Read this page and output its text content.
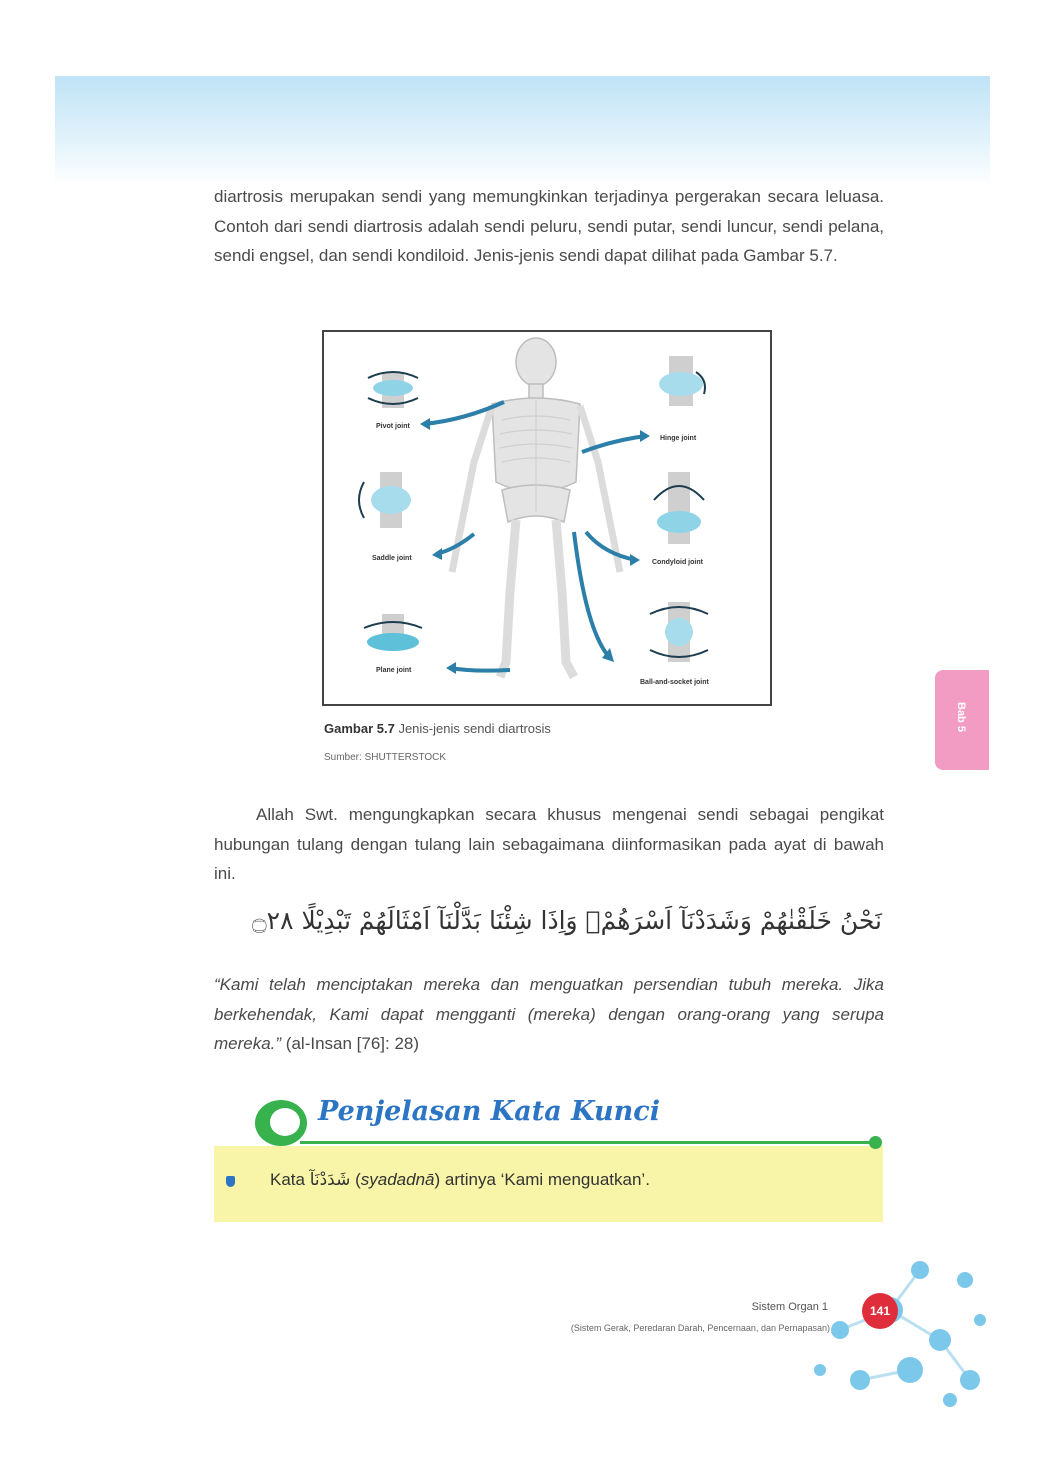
diartrosis merupakan sendi yang memungkinkan terjadinya pergerakan secara leluasa. Contoh dari sendi diartrosis adalah sendi peluru, sendi putar, sendi luncur, sendi pelana, sendi engsel, dan sendi kondiloid. Jenis-jenis sendi dapat dilihat pada Gambar 5.7.

Pivot joint
Hinge joint
Saddle joint
Condyloid joint
Plane joint
Ball-and-socket joint
Gambar 5.7 Jenis-jenis sendi diartrosis
Sumber: SHUTTERSTOCK
Bab 5

Allah Swt. mengungkapkan secara khusus mengenai sendi sebagai pengikat hubungan tulang dengan tulang lain sebagaimana diinformasikan pada ayat di bawah ini.

نَحْنُ خَلَقْنٰهُمْ وَشَدَدْنَآ اَسْرَهُمْۚ وَاِذَا شِئْنَا بَدَّلْنَآ اَمْثَالَهُمْ تَبْدِيْلًا ۝٢٨

“Kami telah menciptakan mereka dan menguatkan persendian tubuh mereka. Jika berkehendak, Kami dapat mengganti (mereka) dengan orang-orang yang serupa mereka.” (al-Insan [76]: 28)

Penjelasan Kata Kunci
Kata شَدَدْنَآ (syadadnā) artinya ‘Kami menguatkan’.
Sistem Organ 1
(Sistem Gerak, Peredaran Darah, Pencernaan, dan Pernapasan)
141
